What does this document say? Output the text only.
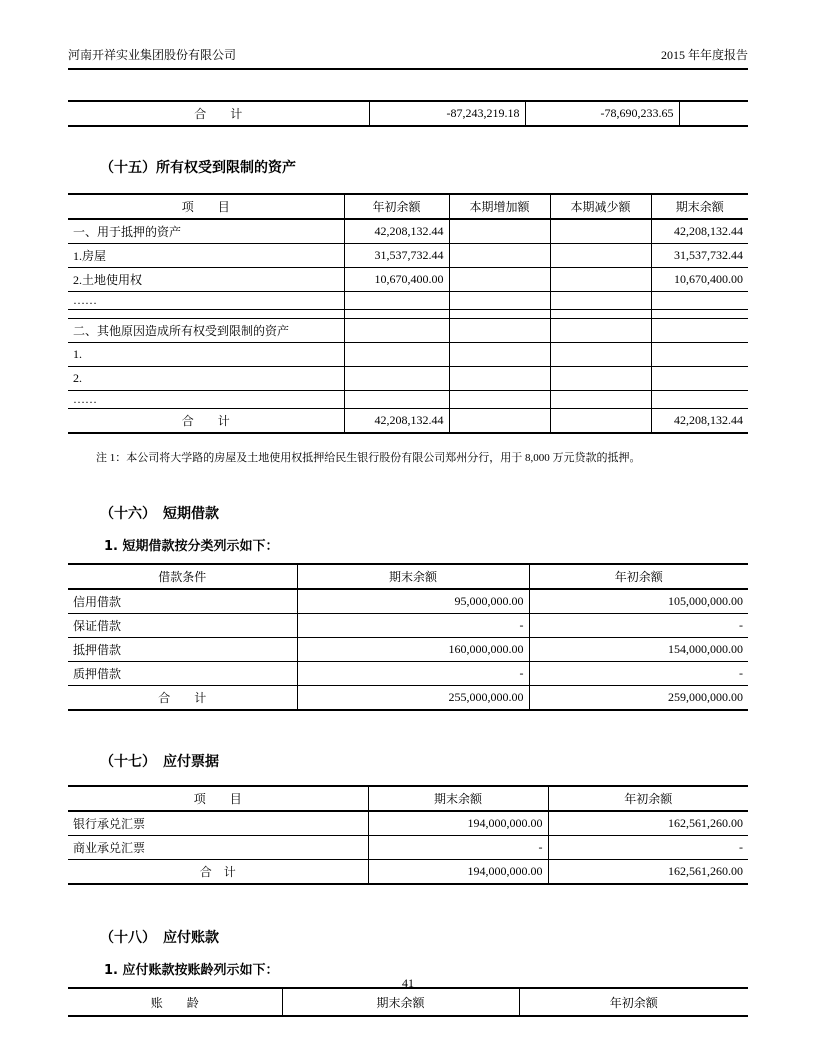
河南开祥实业集团股份有限公司	2015 年年度报告
合　　计	-87,243,219.18	-78,690,233.65	
（十五）所有权受到限制的资产
项　　目	年初余额	本期增加额	本期减少额	期末余额
一、用于抵押的资产	42,208,132.44			42,208,132.44
1.房屋	31,537,732.44			31,537,732.44
2.土地使用权	10,670,400.00			10,670,400.00
……				

二、其他原因造成所有权受到限制的资产				
1.				
2.				
……				
合　　计	42,208,132.44			42,208,132.44
注 1：本公司将大学路的房屋及土地使用权抵押给民生银行股份有限公司郑州分行，用于 8,000 万元贷款的抵押。
（十六）　短期借款
1. 短期借款按分类列示如下：
借款条件	期末余额	年初余额
信用借款	95,000,000.00	105,000,000.00
保证借款	-	-
抵押借款	160,000,000.00	154,000,000.00
质押借款	-	-
合　　计	255,000,000.00	259,000,000.00
（十七）　应付票据
项　　目	期末余额	年初余额
银行承兑汇票	194,000,000.00	162,561,260.00
商业承兑汇票	-	-
合　计	194,000,000.00	162,561,260.00
（十八）　应付账款
1. 应付账款按账龄列示如下：
账　　龄	期末余额	年初余额
41
